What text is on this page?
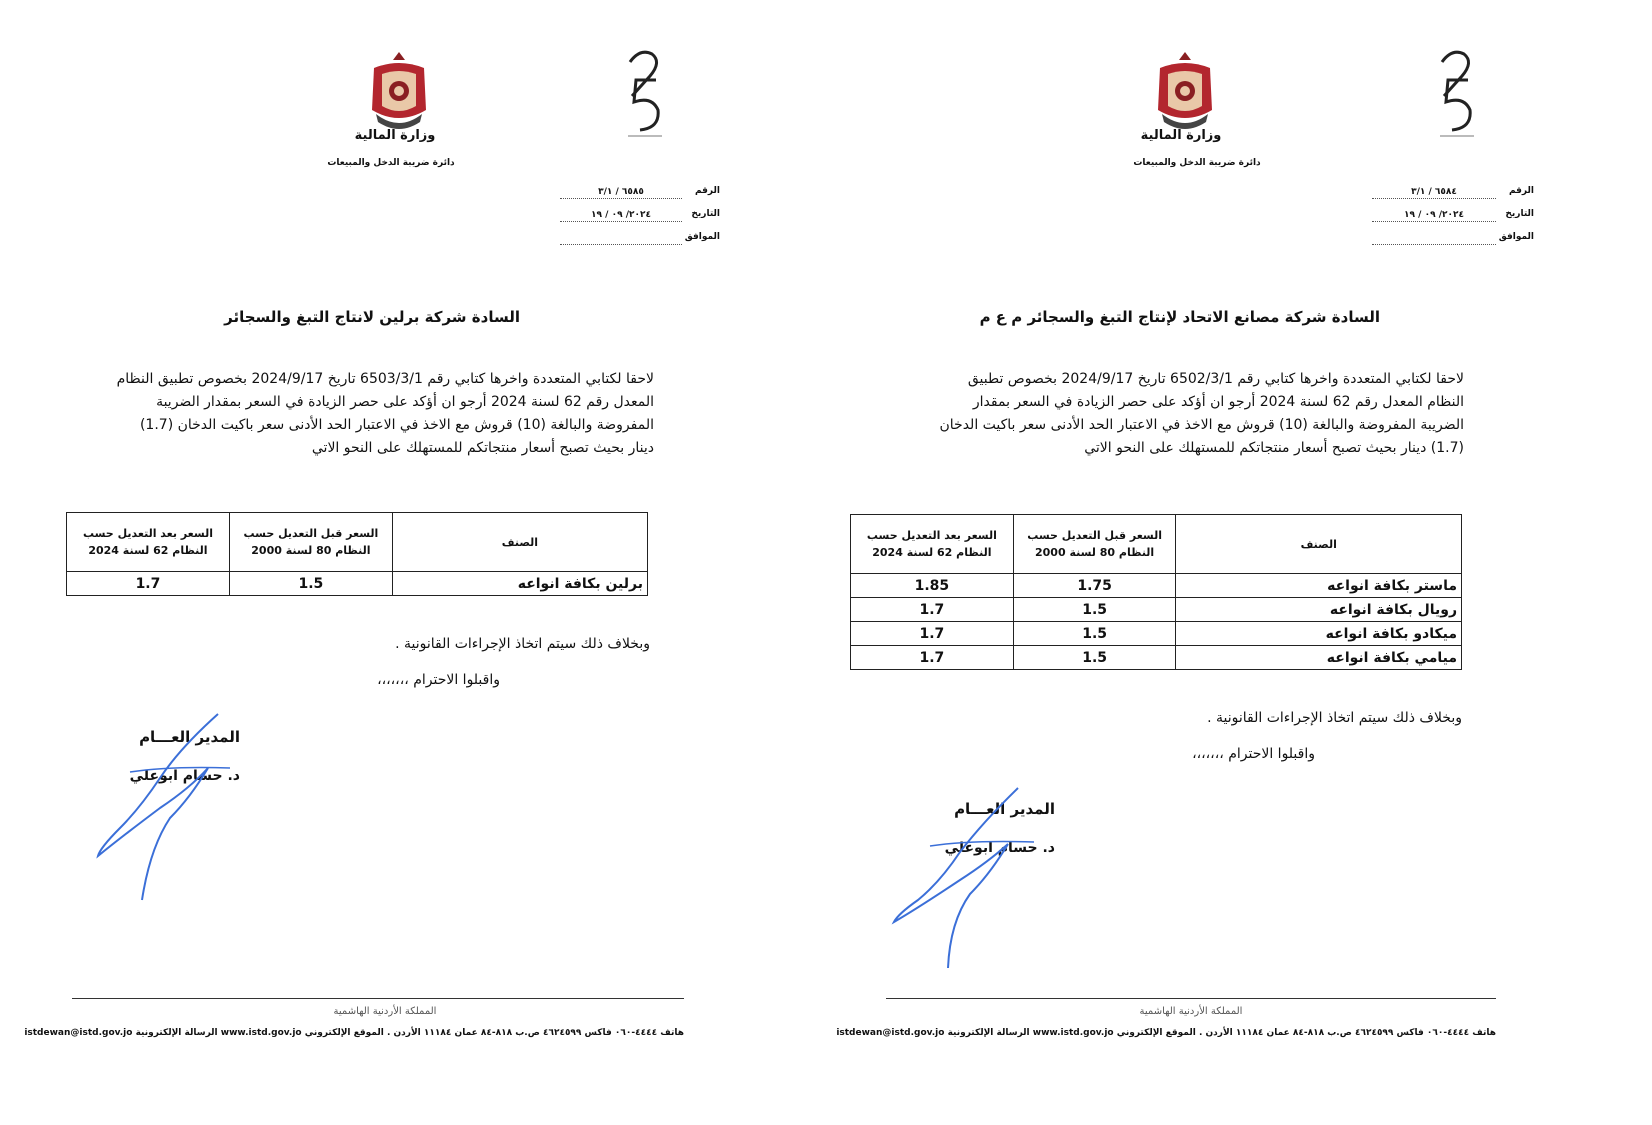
وزارة المالية
دائرة ضريبة الدخل والمبيعات
الرقم
٦٥٨٥ / ٣/١
التاريخ
٢٠٢٤/ ٠٩ / ١٩
الموافق
السادة شركة برلين لانتاج التبغ والسجائر
لاحقا لكتابي المتعددة واخرها كتابي رقم 6503/3/1 تاريخ 2024/9/17 بخصوص تطبيق النظام المعدل رقم 62 لسنة 2024 أرجو ان أؤكد على حصر الزيادة في السعر بمقدار الضريبة المفروضة والبالغة (10) قروش مع الاخذ في الاعتبار الحد الأدنى سعر باكيت الدخان (1.7) دينار بحيث تصبح أسعار منتجاتكم للمستهلك على النحو الاتي
الصنف	السعر قبل التعديل حسب النظام 80 لسنة 2000	السعر بعد التعديل حسب النظام 62 لسنة 2024
برلين بكافة انواعه	1.5	1.7
وبخلاف ذلك سيتم اتخاذ الإجراءات القانونية .
واقبلوا الاحترام ،،،،،،،
المدير العـــام
د. حسام ابوعلي
المملكة الأردنية الهاشمية
هاتف ٤٤٤٤-٠٦٠ فاكس ٤٦٢٤٥٩٩ ص.ب ٨١٨-٨٤ عمان ١١١٨٤ الأردن . الموقع الإلكتروني www.istd.gov.jo الرسالة الإلكترونية istdewan@istd.gov.jo
وزارة المالية
دائرة ضريبة الدخل والمبيعات
الرقم
٦٥٨٤ / ٣/١
التاريخ
٢٠٢٤/ ٠٩ / ١٩
الموافق
السادة شركة مصانع الاتحاد لإنتاج التبغ والسجائر م ع م
لاحقا لكتابي المتعددة واخرها كتابي رقم 6502/3/1 تاريخ 2024/9/17 بخصوص تطبيق النظام المعدل رقم 62 لسنة 2024 أرجو ان أؤكد على حصر الزيادة في السعر بمقدار الضريبة المفروضة والبالغة (10) قروش مع الاخذ في الاعتبار الحد الأدنى سعر باكيت الدخان (1.7) دينار بحيث تصبح أسعار منتجاتكم للمستهلك على النحو الاتي
الصنف	السعر قبل التعديل حسب النظام 80 لسنة 2000	السعر بعد التعديل حسب النظام 62 لسنة 2024
ماستر بكافة انواعه	1.75	1.85
رويال بكافة انواعه	1.5	1.7
ميكادو بكافة انواعه	1.5	1.7
ميامي بكافة انواعه	1.5	1.7
وبخلاف ذلك سيتم اتخاذ الإجراءات القانونية .
واقبلوا الاحترام ،،،،،،،
المدير العـــام
د. حسام ابوعلي
المملكة الأردنية الهاشمية
هاتف ٤٤٤٤-٠٦٠ فاكس ٤٦٢٤٥٩٩ ص.ب ٨١٨-٨٤ عمان ١١١٨٤ الأردن . الموقع الإلكتروني www.istd.gov.jo الرسالة الإلكترونية istdewan@istd.gov.jo
